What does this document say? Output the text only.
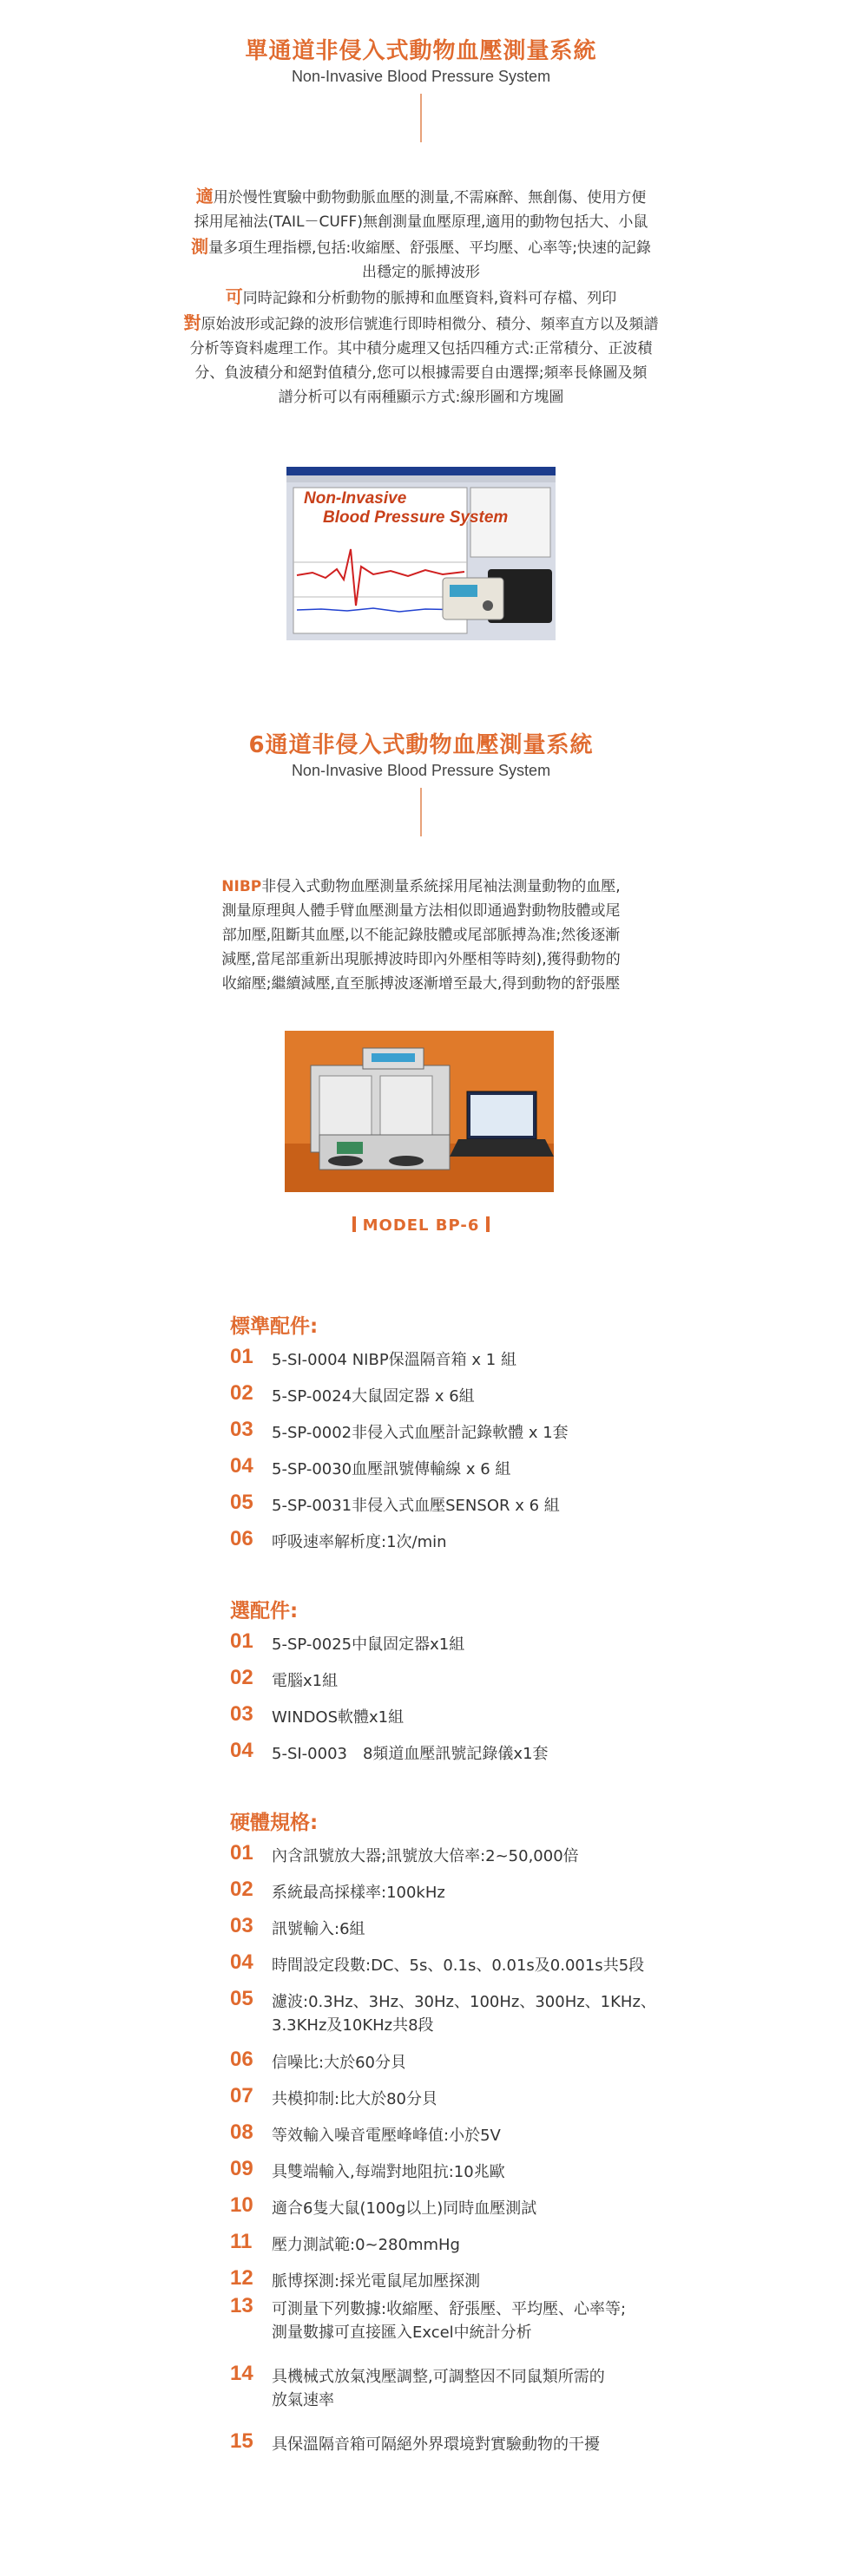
單通道非侵入式動物血壓測量系統
Non-Invasive Blood Pressure System
適用於慢性實驗中動物動脈血壓的測量,不需麻醉、無創傷、使用方便
採用尾袖法(TAIL－CUFF)無創測量血壓原理,適用的動物包括大、小鼠
測量多項生理指標,包括:收縮壓、舒張壓、平均壓、心率等;快速的記錄
出穩定的脈搏波形
可同時記錄和分析動物的脈搏和血壓資料,資料可存檔、列印
對原始波形或記錄的波形信號進行即時相微分、積分、頻率直方以及頻譜
分析等資料處理工作。其中積分處理又包括四種方式:正常積分、正波積
分、負波積分和絕對值積分,您可以根據需要自由選擇;頻率長條圖及頻
譜分析可以有兩種顯示方式:線形圖和方塊圖
Non-Invasive
Blood Pressure System
6通道非侵入式動物血壓測量系統
Non-Invasive Blood Pressure System
NIBP非侵入式動物血壓測量系統採用尾袖法測量動物的血壓,
測量原理與人體手臂血壓測量方法相似即通過對動物肢體或尾
部加壓,阻斷其血壓,以不能記錄肢體或尾部脈搏為准;然後逐漸
減壓,當尾部重新出現脈搏波時即內外壓相等時刻),獲得動物的
收縮壓;繼續減壓,直至脈搏波逐漸增至最大,得到動物的舒張壓
MODEL BP-6
標準配件:
01 5-SI-0004 NIBP保溫隔音箱 x 1 組
02 5-SP-0024大鼠固定器 x 6組
03 5-SP-0002非侵入式血壓計記錄軟體 x 1套
04 5-SP-0030血壓訊號傳輸線 x 6 組
05 5-SP-0031非侵入式血壓SENSOR x 6 組
06 呼吸速率解析度:1次/min
選配件:
01 5-SP-0025中鼠固定器x1組
02 電腦x1組
03 WINDOS軟體x1組
04 5-SI-0003　8頻道血壓訊號記錄儀x1套
硬體規格:
01 內含訊號放大器;訊號放大倍率:2~50,000倍
02 系統最高採樣率:100kHz
03 訊號輸入:6組
04 時間設定段數:DC、5s、0.1s、0.01s及0.001s共5段
05 濾波:0.3Hz、3Hz、30Hz、100Hz、300Hz、1KHz、
3.3KHz及10KHz共8段
06 信噪比:大於60分貝
07 共模抑制:比大於80分貝
08 等效輸入噪音電壓峰峰值:小於5V
09 具雙端輸入,每端對地阻抗:10兆歐
10 適合6隻大鼠(100g以上)同時血壓測試
11 壓力測試範:0~280mmHg
12 脈博探測:採光電鼠尾加壓探測
13 可測量下列數據:收縮壓、舒張壓、平均壓、心率等;
測量數據可直接匯入Excel中統計分析
14 具機械式放氣洩壓調整,可調整因不同鼠類所需的
放氣速率
15 具保溫隔音箱可隔絕外界環境對實驗動物的干擾
